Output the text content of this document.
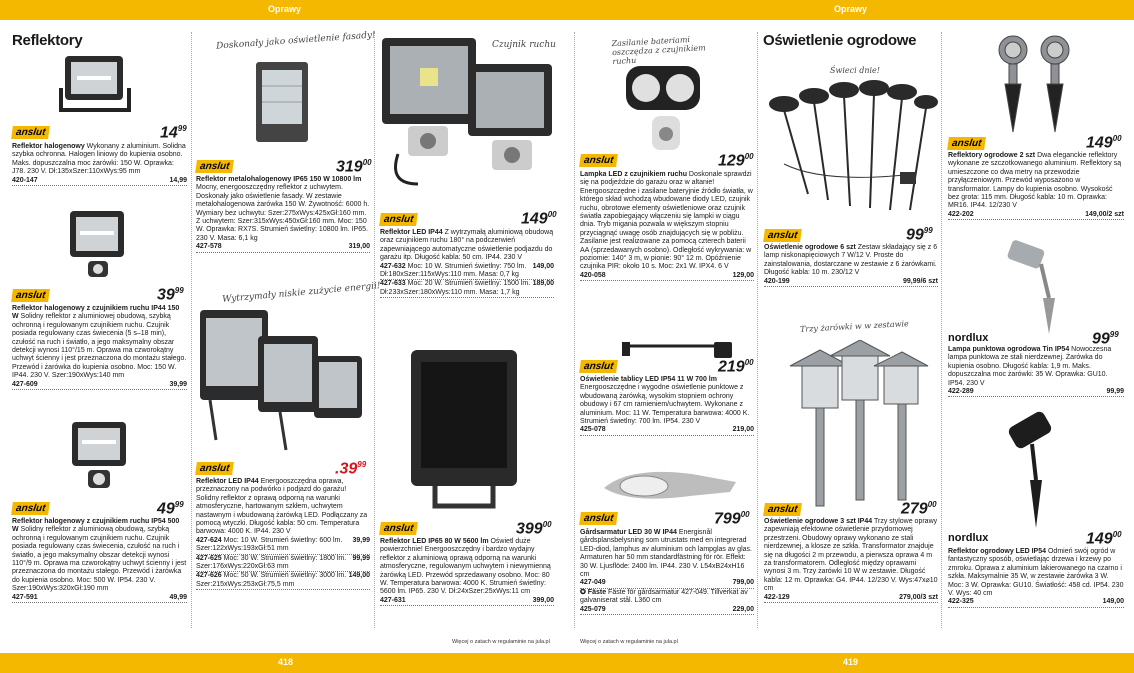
Oprawy	Oprawy
418	419
Reflektory
anslut	$14^{99}$
Reflektor halogenowy Wykonany z aluminium. Solidna szybka ochronna. Halogen liniowy do kupienia osobno. Maks. dopuszczalna moc żarówki: 150 W. Oprawka: J78. 230 V. Dł:135xSzer:110xWys:95 mm
420-147	14,99
anslut	$39^{99}$
Reflektor halogenowy z czujnikiem ruchu IP44 150 W Solidny reflektor z aluminiowej obudową, szybką ochronną i regulowanym czujnikiem ruchu. Czujnik posiada regulowany czas świecenia (5 s–18 min), czułość na ruch i światło, a jego maksymalny obszar detekcji wynosi 110°/15 m. Oprawa ma czworokątny uchwyt ścienny i jest przeznaczona do montażu stałego. Przewód i żarówka do kupienia osobno. Moc: 150 W. IP44. 230 V. Szer:190xWys:140 mm
427-609	39,99
anslut	$49^{99}$
Reflektor halogenowy z czujnikiem ruchu IP54 500 W Solidny reflektor z aluminiową obudową, szybką ochronną i regulowanym czujnikiem ruchu. Czujnik posiada regulowany czas świecenia, czułość na ruch i światło, a jego maksymalny obszar detekcji wynosi 110°/9 m. Oprawa ma czworokątny uchwyt ścienny i jest przeznaczona do montażu stałego. Przewód i żarówka do kupienia osobno. Moc: 500 W. IP54. 230 V. Szer:190xWys:320xGł:190 mm
427-591	49,99
Doskonały jako oświetlenie fasady!
anslut	$319^{00}$
Reflektor metalohalogenowy IP65 150 W 10800 lm Mocny, energooszczędny reflektor z uchwytem. Doskonały jako oświetlenie fasady. W zestawie metalohalogenowa żarówka 150 W. Żywotność: 6000 h. Wymiary bez uchwytu: Szer:275xWys:425xGł:160 mm. Z uchwytem: Szer:315xWys:450xGł:160 mm. Moc: 150 W. Oprawka: RX7S. Strumień świetlny: 10800 lm. IP65. 230 V. Masa: 6,1 kg
427-578	319,00
Wytrzymały niskie zużycie energii!
anslut	$.39^{99}$
Reflektor LED IP44 Energooszczędna oprawa, przeznaczony na podwórko i podjazd do garażu! Solidny reflektor z oprawą odporną na warunki atmosferyczne, hartowanym szkłem, uchwytem nastawnym i wbudowaną żarówką LED. Podłączany za pomocą wtyczki. Długość kabla: 50 cm. Temperatura barwowa: 4000 K. IP44. 230 V
427-624 Moc: 10 W. Strumień świetlny: 600 lm. Szer:122xWys:193xGł:51 mm
39,99
427-625 Moc: 30 W. Strumień świetlny: 1800 lm. Szer:176xWys:220xGł:63 mm
99,99
427-626 Moc: 50 W. Strumień świetlny: 3000 lm. Szer:215xWys:253xGł:75,5 mm
149,00
Czujnik ruchu
anslut	$149^{00}$
Reflektor LED IP44 Z wytrzymałą aluminiową obudową oraz czujnikiem ruchu 180° na podczerwień zapewniającego automatyczne oświetlenie podjazdu do garażu itp. Długość kabla: 50 cm. IP44. 230 V
427-632 Moc: 10 W. Strumień świetlny: 750 lm. Dł:180xSzer:115xWys:110 mm. Masa: 0,7 kg
149,00
427-633 Moc: 20 W. Strumień świetlny: 1500 lm. Dł:233xSzer:180xWys:110 mm. Masa: 1,7 kg
189,00
anslut	$399^{00}$
Reflektor LED IP65 80 W 5600 lm Oświetl duże powierzchnie! Energooszczędny i bardzo wydajny reflektor z aluminiową oprawą odporną na warunki atmosferyczne, regulowanym uchwytem i niewymienną żarówką LED. Przewód sprzedawany osobno. Moc: 80 W. Temperatura barwowa: 4000 K. Strumień świetlny: 5600 lm. IP65. 230 V. Dł:24xSzer:25xWys:11 cm
427-631	399,00
Więcej o zatach w regulaminie na jula.pl
Zasilanie bateriami oszczędza z czujnikiem ruchu
anslut	$129^{00}$
Lampka LED z czujnikiem ruchu Doskonale sprawdzi się na podjeździe do garażu oraz w altanie! Energooszczędne i zasilane bateryjnie źródło światła, w którego skład wchodzą wbudowane diody LED, czujnik ruchu, obrotowe elementy oświetleniowe oraz czujnik światła zapobiegający włączeniu się lampki w ciągu dnia. Tryb migania pozwala w większym stopniu przyciągnąć uwagę osób znajdujących się w pobliżu. Zasilanie jest realizowane za pomocą czterech baterii AA (sprzedawanych osobno). Odległość wykrywania: w poziomie: 140° 3 m, w pionie: 90° 12 m. Opóźnienie czujnika PIR: około 10 s. Moc: 2x1 W. IPX4. 6 V
420-058	129,00
anslut	$219^{00}$
Oświetlenie tablicy LED IP54 11 W 700 lm Energooszczędne i wygodne oświetlenie punktowe z wbudowaną żarówką, wysokim stopniem ochrony obudowy i 67 cm ramieniem/uchwytem. Wykonane z aluminium. Moc: 11 W. Temperatura barwowa: 4000 K. Strumień świetlny: 700 lm. IP54. 230 V
425-078	219,00
anslut	$799^{00}$
Gårdsarmatur LED 30 W IP44 Energisnål gårdsplansbelysning som utrustats med en integrerad LED-diod, lamphus av aluminium och lampglas av glas. Armaturen har 50 mm standardfästning för rör. Effekt: 30 W. Ljusflöde: 2400 lm. IP44. 230 V. L54xB24xH16 cm
427-049	799,00
✪ Fäste Fäste för gårdsarmatur 427-049. Tillverkat av galvaniserat stål. L360 cm
425-079	229,00
Więcej o zatach w regulaminie na jula.pl
Oświetlenie ogrodowe
Świeci dnie!
anslut	$99^{99}$
Oświetlenie ogrodowe 6 szt Zestaw składający się z 6 lamp niskonapięciowych 7 W/12 V. Proste do zainstalowania, dostarczane w zestawie z 6 żarówkami. Długość kabla: 10 m. 230/12 V
420-199	99,99/6 szt
Trzy żarówki w w zestawie
anslut	$279^{00}$
Oświetlenie ogrodowe 3 szt IP44 Trzy stylowe oprawy zapewniają efektowne oświetlenie przydomowej przestrzeni. Obudowy oprawy wykonano ze stali nierdzewnej, a klosze ze szkła. Transformator znajduje się na długości 2 m przewodu, a pierwsza oprawa 4 m za transformatorem. Odległość między oprawami wynosi 3 m. Trzy żarówki 10 W w zestawie. Długość kabla: 12 m. Oprawka: G4. IP44. 12/230 V. Wys:47x⌀10 cm
422-129	279,00/3 szt
anslut	$149^{00}$
Reflektory ogrodowe 2 szt Dwa eleganckie reflektory wykonane ze szczotkowanego aluminium. Reflektory są umieszczone co dwa metry na przewodzie przyłączeniowym. Przewód wyposażono w transformator. Lampy do kupienia osobno. Wysokość bez grota: 115 mm. Długość kabla: 10 m. Oprawka: MR16. IP44. 12/230 V
422-202	149,00/2 szt
nordlux	$99^{99}$
Lampa punktowa ogrodowa Tin IP54 Nowoczesna lampa punktowa ze stali nierdzewnej. Żarówka do kupienia osobno. Długość kabla: 1,9 m. Maks. dopuszczalna moc żarówki: 35 W. Oprawka: GU10. IP54. 230 V
422-289	99,99
nordlux	$149^{00}$
Reflektor ogrodowy LED IP54 Odmień swój ogród w fantastyczny sposób, oświetlając drzewa i krzewy po zmroku. Oprawa z aluminium lakierowanego na czarno i szkła. Maksymalnie 35 W, w zestawie żarówka 3 W. Moc: 3 W. Oprawka: GU10. Światłość: 458 cd. IP54. 230 V. Wys: 40 cm
422-325	149,00
